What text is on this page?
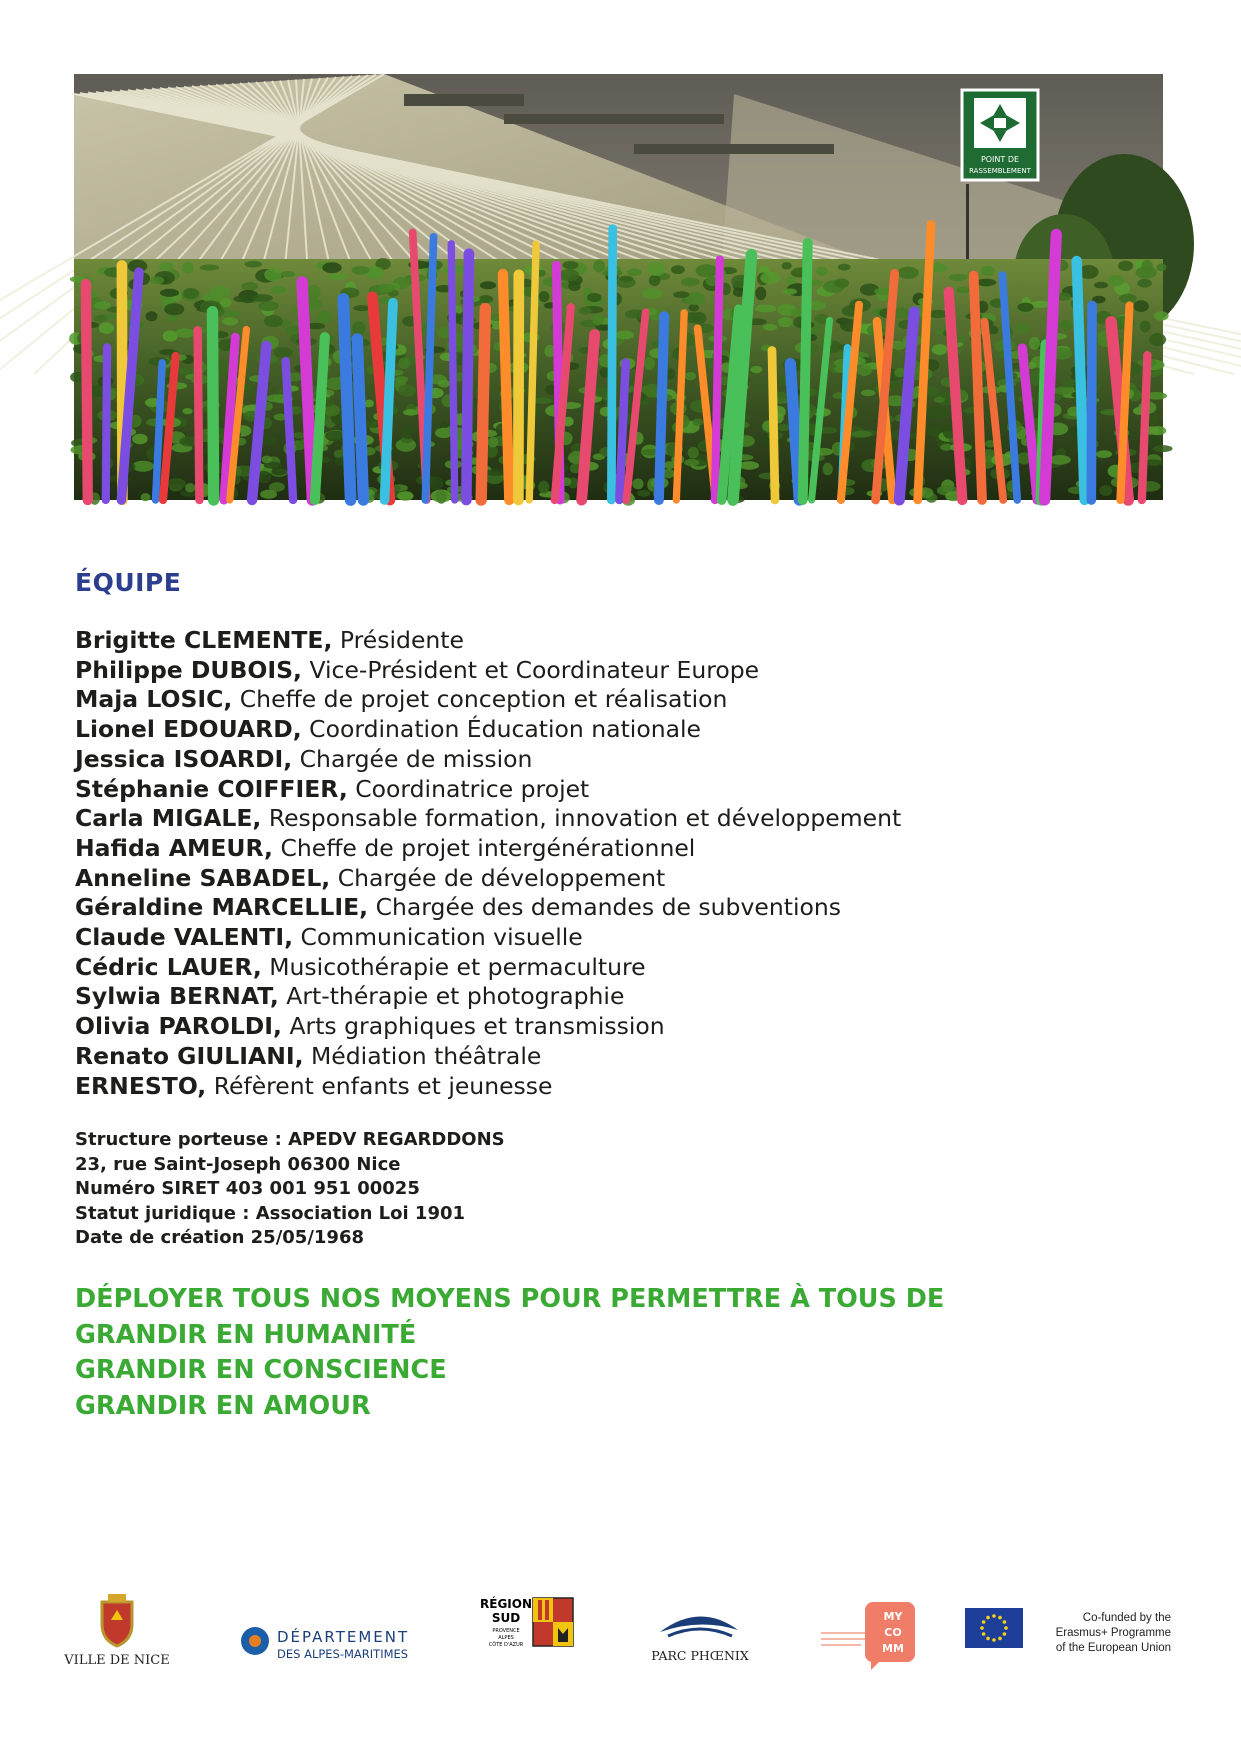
POINT DE
RASSEMBLEMENT
ÉQUIPE
Brigitte CLEMENTE, Présidente
Philippe DUBOIS, Vice-Président et Coordinateur Europe
Maja LOSIC, Cheffe de projet conception et réalisation
Lionel EDOUARD, Coordination Éducation nationale
Jessica ISOARDI, Chargée de mission
Stéphanie COIFFIER, Coordinatrice projet
Carla MIGALE, Responsable formation, innovation et développement
Hafida AMEUR, Cheffe de projet intergénérationnel
Anneline SABADEL, Chargée de développement
Géraldine MARCELLIE, Chargée des demandes de subventions
Claude VALENTI, Communication visuelle
Cédric LAUER, Musicothérapie et permaculture
Sylwia BERNAT, Art-thérapie et photographie
Olivia PAROLDI, Arts graphiques et transmission
Renato GIULIANI, Médiation théâtrale
ERNESTO, Réfèrent enfants et jeunesse
Structure porteuse : APEDV REGARDDONS
23, rue Saint-Joseph 06300 Nice
Numéro SIRET 403 001 951 00025
Statut juridique : Association Loi 1901
Date de création 25/05/1968
DÉPLOYER TOUS NOS MOYENS POUR PERMETTRE À TOUS DE
GRANDIR EN HUMANITÉ
GRANDIR EN CONSCIENCE
GRANDIR EN AMOUR
VILLE DE NICE
DÉPARTEMENT
DES ALPES-MARITIMES
RÉGION
SUD
PROVENCE
ALPES
CÔTE D'AZUR
PARC PHŒNIX
MY
CO
MM
Co-funded by the
Erasmus+ Programme
of the European Union
